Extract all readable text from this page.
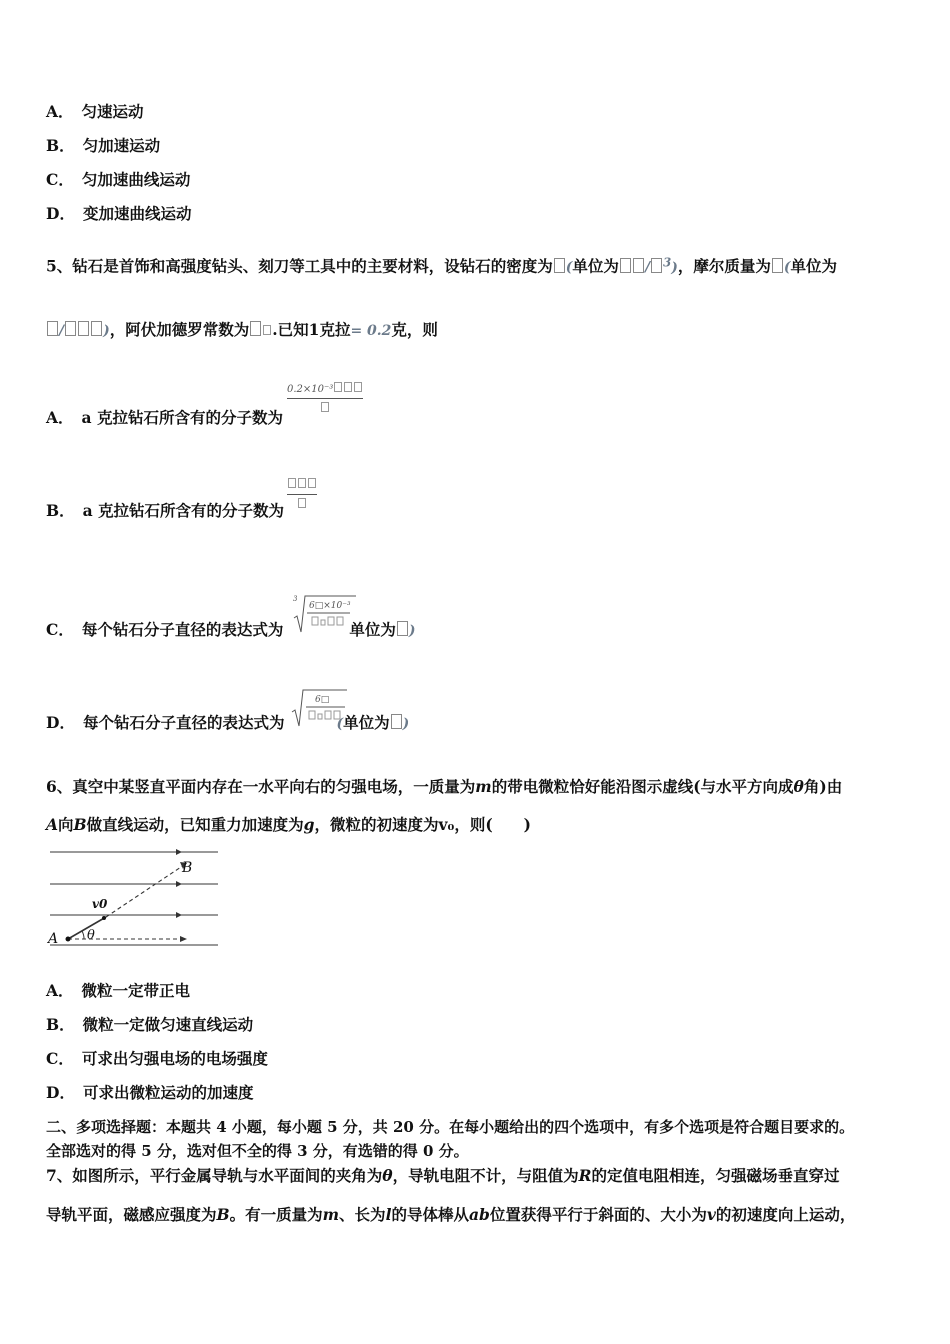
A． 匀速运动
B． 匀加速运动
C． 匀加速曲线运动
D． 变加速曲线运动
5、钻石是首饰和高强度钻头、刻刀等工具中的主要材料，设钻石的密度为 (单位为 / $^3$)，摩尔质量为 (单位为
/	)，阿伏加德罗常数为 .已知1克拉= 0.2克，则
A． a 克拉钻石所含有的分子数为
0.2×10⁻³
B． a 克拉钻石所含有的分子数为
C． 每个钻石分子直径的表达式为	单位为 )
3
6□×10⁻³
D． 每个钻石分子直径的表达式为	(单位为 )
6□
6、真空中某竖直平面内存在一水平向右的匀强电场，一质量为m的带电微粒恰好能沿图示虚线(与水平方向成θ角)由
A向B做直线运动，已知重力加速度为g，微粒的初速度为v₀，则(　　)
A
B
v0
θ
A． 微粒一定带正电
B． 微粒一定做匀速直线运动
C． 可求出匀强电场的电场强度
D． 可求出微粒运动的加速度
二、多项选择题：本题共 4 小题，每小题 5 分，共 20 分。在每小题给出的四个选项中，有多个选项是符合题目要求的。
全部选对的得 5 分，选对但不全的得 3 分，有选错的得 0 分。
7、如图所示，平行金属导轨与水平面间的夹角为θ，导轨电阻不计，与阻值为R的定值电阻相连，匀强磁场垂直穿过
导轨平面，磁感应强度为B。有一质量为m、长为l的导体棒从ab位置获得平行于斜面的、大小为v的初速度向上运动，
